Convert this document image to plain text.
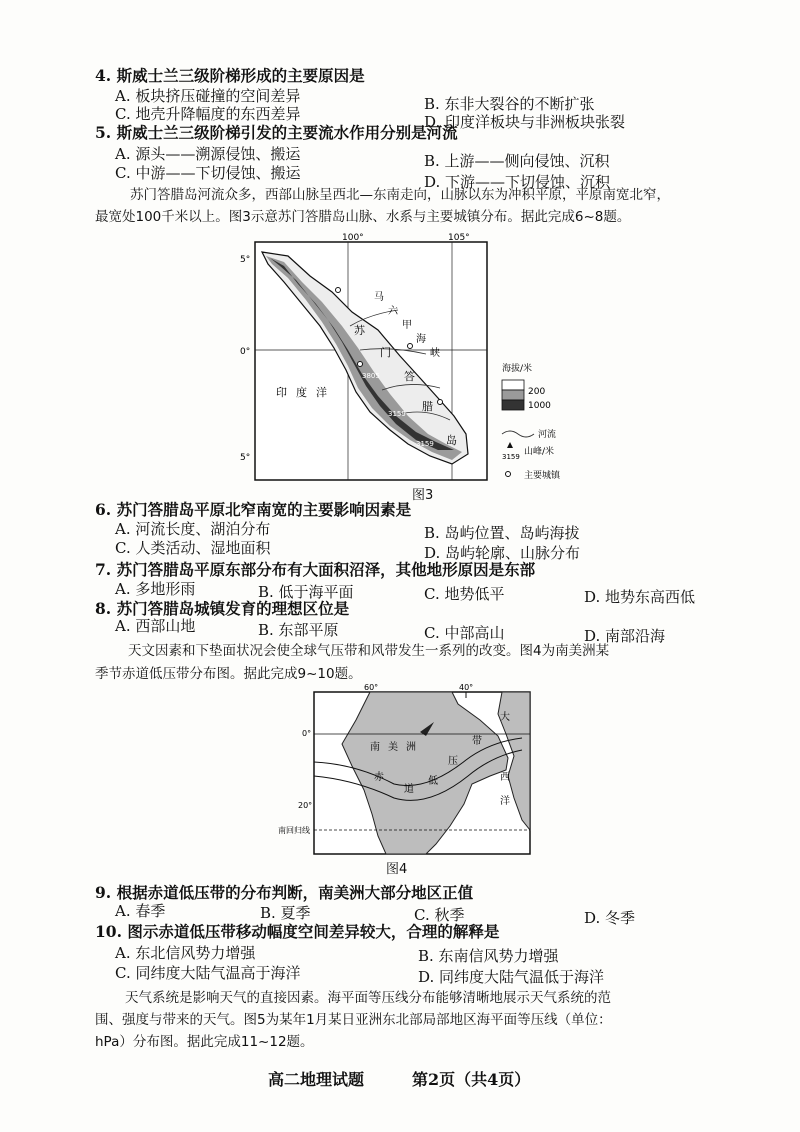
4. 斯威士兰三级阶梯形成的主要原因是
A. 板块挤压碰撞的空间差异	B. 东非大裂谷的不断扩张
C. 地壳升降幅度的东西差异	D. 印度洋板块与非洲板块张裂
5. 斯威士兰三级阶梯引发的主要流水作用分别是河流
A. 源头——溯源侵蚀、搬运	B. 上游——侧向侵蚀、沉积
C. 中游——下切侵蚀、搬运	D. 下游——下切侵蚀、沉积
苏门答腊岛河流众多，西部山脉呈西北—东南走向，山脉以东为冲积平原，平原南宽北窄，
最宽处100千米以上。图3示意苏门答腊岛山脉、水系与主要城镇分布。据此完成6~8题。
100°	105°
5°
0°
5°
马
六
甲
海
峡
苏
门
答
腊
岛
印 度 洋
3805
3159
3159
海拔/米
200
1000
河流
3159 山峰/米
主要城镇
图3
6. 苏门答腊岛平原北窄南宽的主要影响因素是
A. 河流长度、湖泊分布	B. 岛屿位置、岛屿海拔
C. 人类活动、湿地面积	D. 岛屿轮廓、山脉分布
7. 苏门答腊岛平原东部分布有大面积沼泽，其他地形原因是东部
A. 多地形雨	B. 低于海平面	C. 地势低平	D. 地势东高西低
8. 苏门答腊岛城镇发育的理想区位是
A. 西部山地	B. 东部平原	C. 中部高山	D. 南部沿海
天文因素和下垫面状况会使全球气压带和风带发生一系列的改变。图4为南美洲某
季节赤道低压带分布图。据此完成9~10题。
60°	40°
0°
20°
南回归线
南 美 洲
赤
道
低
压
带
大
西
洋
图4
9. 根据赤道低压带的分布判断，南美洲大部分地区正值
A. 春季	B. 夏季	C. 秋季	D. 冬季
10. 图示赤道低压带移动幅度空间差异较大，合理的解释是
A. 东北信风势力增强	B. 东南信风势力增强
C. 同纬度大陆气温高于海洋	D. 同纬度大陆气温低于海洋
天气系统是影响天气的直接因素。海平面等压线分布能够清晰地展示天气系统的范
围、强度与带来的天气。图5为某年1月某日亚洲东北部局部地区海平面等压线（单位：
hPa）分布图。据此完成11~12题。
高二地理试题	第2页（共4页）
